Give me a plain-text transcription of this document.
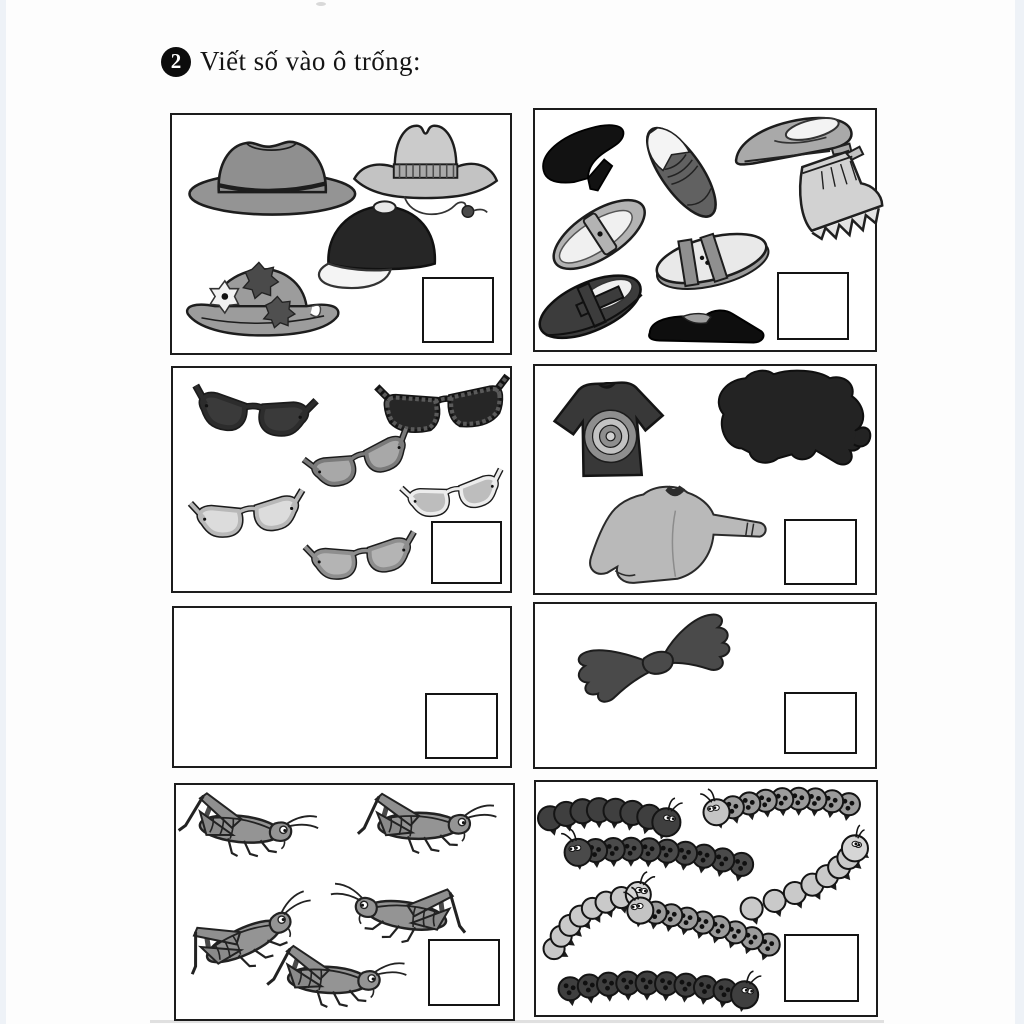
2 Viết số vào ô trống:
